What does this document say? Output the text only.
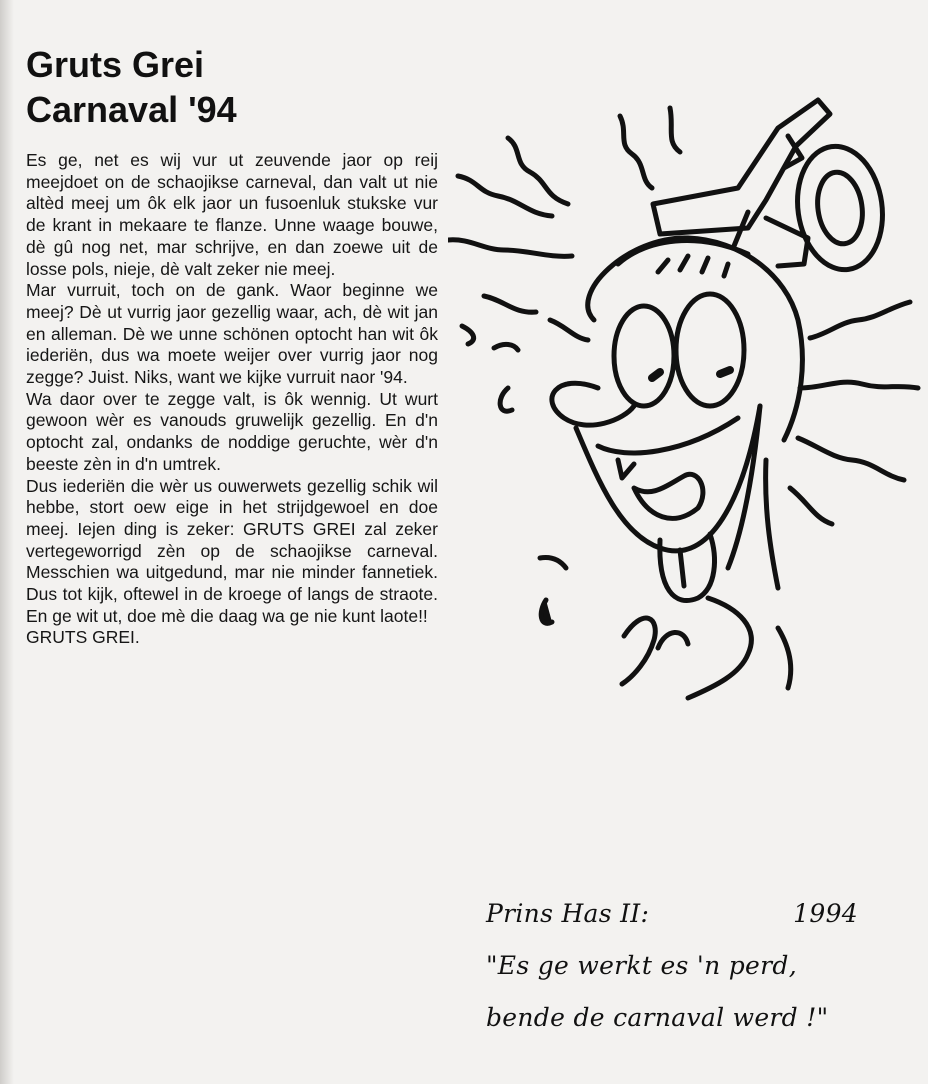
Gruts Grei
Carnaval '94

Es ge, net es wij vur ut zeuvende jaor op reij meejdoet on de schaojikse carneval, dan valt ut nie altèd meej um ôk elk jaor un fusoenluk stukske vur de krant in mekaare te flanze. Unne waage bouwe, dè gû nog net, mar schrijve, en dan zoewe uit de losse pols, nieje, dè valt zeker nie meej.

Mar vurruit, toch on de gank. Waor beginne we meej? Dè ut vurrig jaor gezellig waar, ach, dè wit jan en alleman. Dè we unne schönen optocht han wit ôk iederiën, dus wa moete weijer over vurrig jaor nog zegge? Juist. Niks, want we kijke vurruit naor '94.

Wa daor over te zegge valt, is ôk wennig. Ut wurt gewoon wèr es vanouds gruwelijk gezellig. En d'n optocht zal, ondanks de noddige geruchte, wèr d'n beeste zèn in d'n umtrek.

Dus iederiën die wèr us ouwerwets gezellig schik wil hebbe, stort oew eige in het strijdgewoel en doe meej. Iejen ding is zeker: GRUTS GREI zal zeker vertegeworrigd zèn op de schaojikse carneval. Messchien wa uitgedund, mar nie minder fannetiek. Dus tot kijk, oftewel in de kroege of langs de straote. En ge wit ut, doe mè die daag wa ge nie kunt laote!!

GRUTS GREI.
Prins Has II:	1994
"Es ge werkt es 'n perd,
bende de carnaval werd !"
